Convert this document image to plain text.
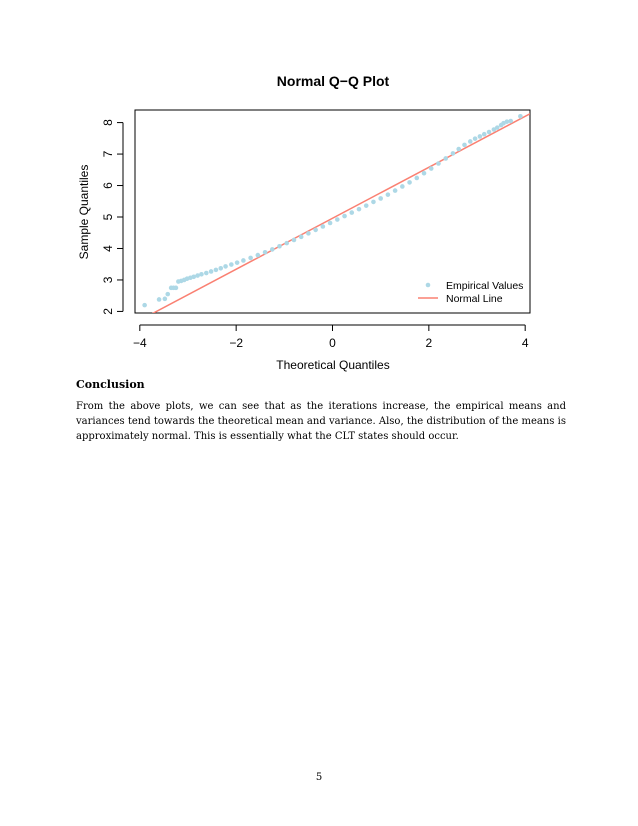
Normal Q−Q Plot
−4	−2	0	2	4
2
3
4
5
6
7
8
Empirical Values
Normal Line
Theoretical Quantiles
Sample Quantiles
Conclusion

From the above plots, we can see that as the iterations increase, the empirical means and variances tend towards the theoretical mean and variance. Also, the distribution of the means is approximately normal. This is essentially what the CLT states should occur.

5
